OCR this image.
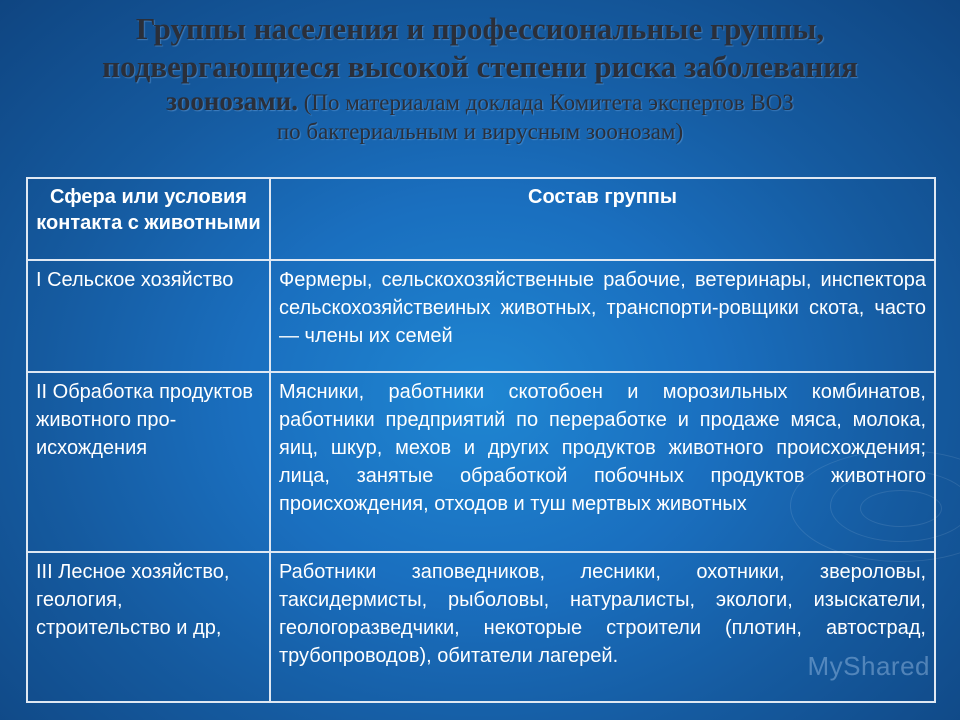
Группы населения и профессиональные группы,
подвергающиеся высокой степени риска заболевания
зоонозами. (По материалам доклада Комитета экспертов ВОЗ
по бактериальным и вирусным зоонозам)
Сфера или условия контакта с животными	Состав группы
I Сельское хозяйство	Фермеры, сельскохозяйственные рабочие, ветеринары, инспектора сельскохозяйствеиных животных, транспорти-ровщики скота, часто — члены их семей
II Обработка продуктов животного про-исхождения	Мясники, работники скотобоен и морозильных комбинатов, работники предприятий по переработке и продаже мяса, молока, яиц, шкур, мехов и других продуктов животного происхождения; лица, занятые обработкой побочных продуктов животного происхождения, отходов и туш мертвых животных
III Лесное хозяйство, геология, строительство и др,	Работники заповедников, лесники, охотники, звероловы, таксидермисты, рыболовы, натуралисты, экологи, изыскатели, геологоразведчики, некоторые строители (плотин, автострад, трубопроводов), обитатели лагерей.	MyShared
